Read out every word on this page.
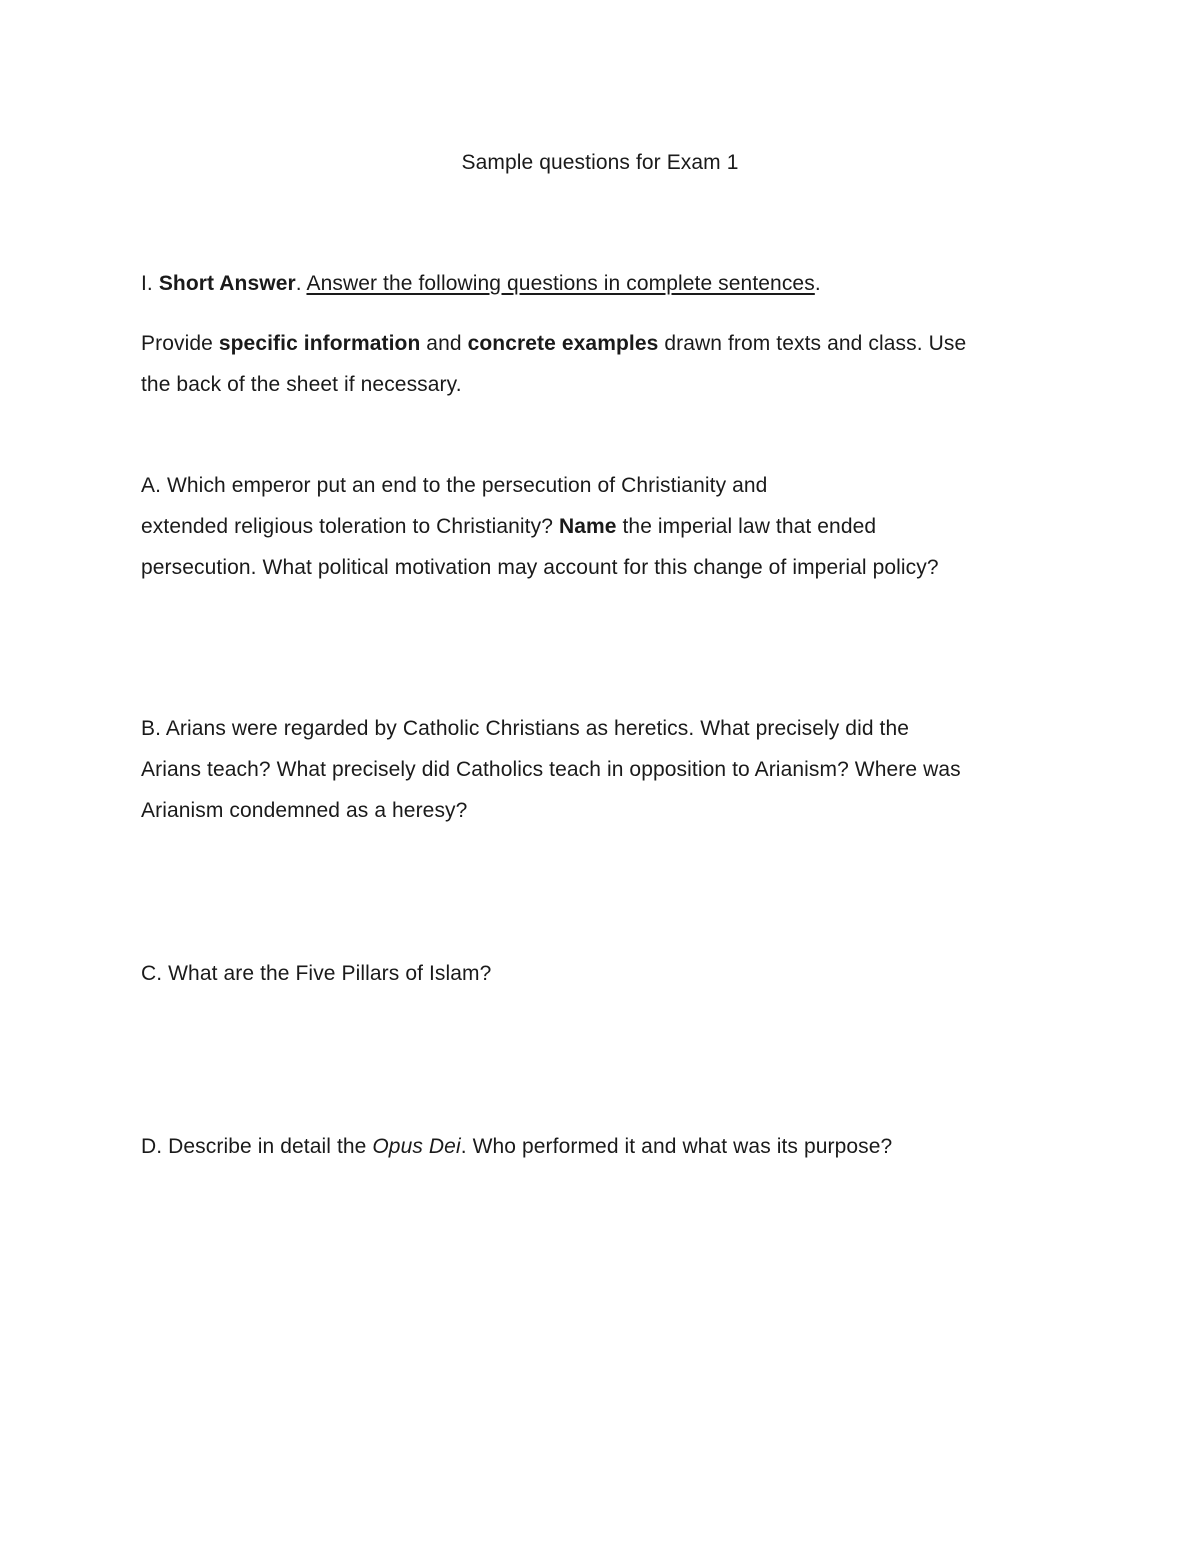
Sample questions for Exam 1
I. Short Answer. Answer the following questions in complete sentences.
Provide specific information and concrete examples drawn from texts and class. Use
the back of the sheet if necessary.
A. Which emperor put an end to the persecution of Christianity and
extended religious toleration to Christianity? Name the imperial law that ended
persecution. What political motivation may account for this change of imperial policy?
B. Arians were regarded by Catholic Christians as heretics. What precisely did the
Arians teach? What precisely did Catholics teach in opposition to Arianism? Where was
Arianism condemned as a heresy?
C. What are the Five Pillars of Islam?
D. Describe in detail the Opus Dei. Who performed it and what was its purpose?
